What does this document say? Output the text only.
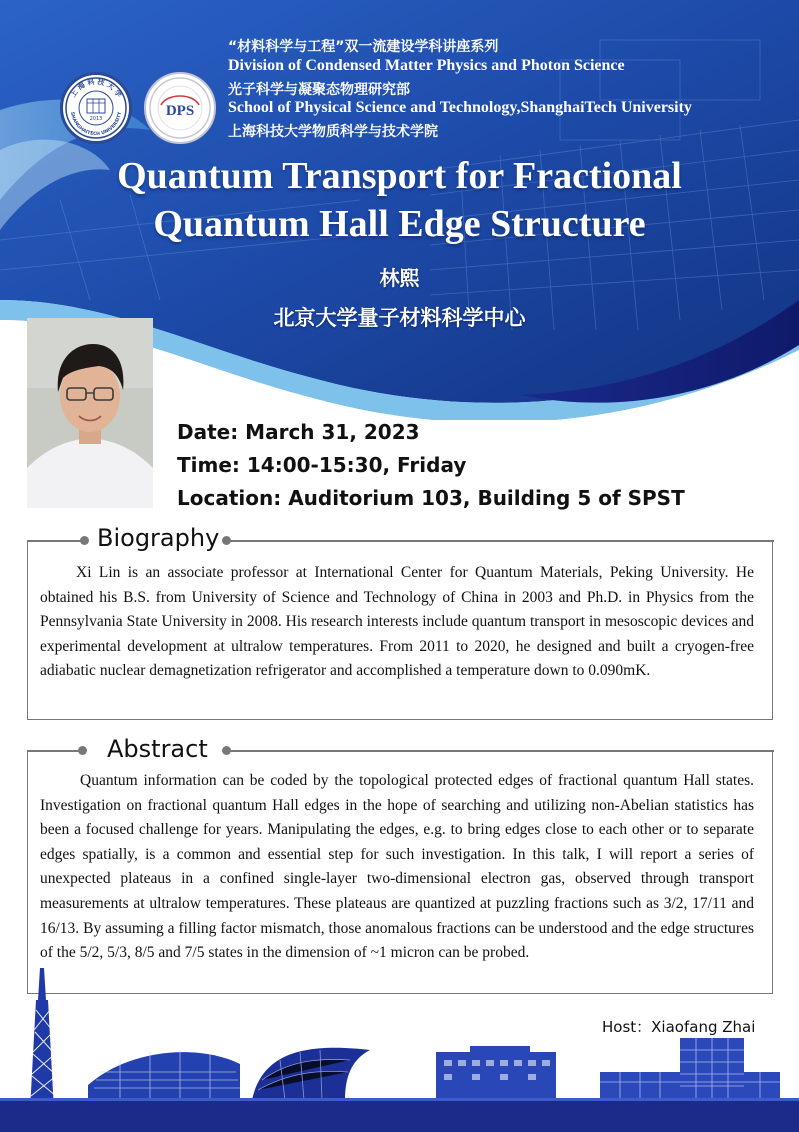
上 海 科 技 大 学
SHANGHAITECH UNIVERSITY
2013	DPS
“材料科学与工程”双一流建设学科讲座系列
Division of Condensed Matter Physics and Photon Science
光子科学与凝聚态物理研究部
School of Physical Science and Technology,ShanghaiTech University
上海科技大学物质科学与技术学院
Quantum Transport for Fractional
Quantum Hall Edge Structure
林熙
北京大学量子材料科学中心
Date: March 31, 2023
Time: 14:00-15:30, Friday
Location: Auditorium 103, Building 5 of SPST
Biography
Xi Lin is an associate professor at International Center for Quantum Materials, Peking University. He obtained his B.S. from University of Science and Technology of China in 2003 and Ph.D. in Physics from the Pennsylvania State University in 2008. His research interests include quantum transport in mesoscopic devices and experimental development at ultralow temperatures. From 2011 to 2020, he designed and built a cryogen-free adiabatic nuclear demagnetization refrigerator and accomplished a temperature down to 0.090mK.
Abstract
Quantum information can be coded by the topological protected edges of fractional quantum Hall states. Investigation on fractional quantum Hall edges in the hope of searching and utilizing non-Abelian statistics has been a focused challenge for years. Manipulating the edges, e.g. to bring edges close to each other or to separate edges spatially, is a common and essential step for such investigation. In this talk, I will report a series of unexpected plateaus in a confined single-layer two-dimensional electron gas, observed through transport measurements at ultralow temperatures. These plateaus are quantized at puzzling fractions such as 3/2, 17/11 and 16/13. By assuming a filling factor mismatch, those anomalous fractions can be understood and the edge structures of the 5/2, 5/3, 8/5 and 7/5 states in the dimension of ~1 micron can be probed.
Host：Xiaofang Zhai
